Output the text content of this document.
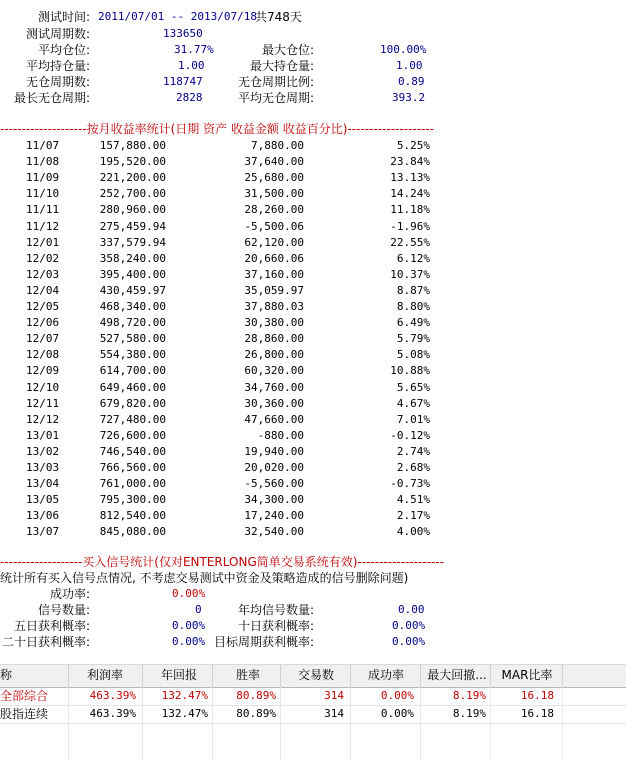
测试时间: 2011/07/01 -- 2013/07/18
共748天
测试周期数:	133650
平均仓位:	31.77%	最大仓位:	100.00%
平均持仓量:	1.00	最大持仓量:	1.00
无仓周期数:	118747	无仓周期比例:	0.89
最长无仓周期:	2828	平均无仓周期:	393.2
--------------------按月收益率统计(日期 资产 收益金额 收益百分比)--------------------
11/07	157,880.00	7,880.00	5.25%
11/08	195,520.00	37,640.00	23.84%
11/09	221,200.00	25,680.00	13.13%
11/10	252,700.00	31,500.00	14.24%
11/11	280,960.00	28,260.00	11.18%
11/12	275,459.94	-5,500.06	-1.96%
12/01	337,579.94	62,120.00	22.55%
12/02	358,240.00	20,660.06	6.12%
12/03	395,400.00	37,160.00	10.37%
12/04	430,459.97	35,059.97	8.87%
12/05	468,340.00	37,880.03	8.80%
12/06	498,720.00	30,380.00	6.49%
12/07	527,580.00	28,860.00	5.79%
12/08	554,380.00	26,800.00	5.08%
12/09	614,700.00	60,320.00	10.88%
12/10	649,460.00	34,760.00	5.65%
12/11	679,820.00	30,360.00	4.67%
12/12	727,480.00	47,660.00	7.01%
13/01	726,600.00	-880.00	-0.12%
13/02	746,540.00	19,940.00	2.74%
13/03	766,560.00	20,020.00	2.68%
13/04	761,000.00	-5,560.00	-0.73%
13/05	795,300.00	34,300.00	4.51%
13/06	812,540.00	17,240.00	2.17%
13/07	845,080.00	32,540.00	4.00%
-------------------买入信号统计(仅对ENTERLONG简单交易系统有效)--------------------
统计所有买入信号点情况, 不考虑交易测试中资金及策略造成的信号删除问题)
成功率:	0.00%
信号数量:	0	年均信号数量:	0.00
五日获利概率:	0.00%	十日获利概率:	0.00%
二十日获利概率:	0.00% 目标周期获利概率:	0.00%
称	利润率	年回报	胜率	交易数	成功率	最大回撤...	MAR比率
全部综合	463.39%	132.47%	80.89%	314	0.00%	8.19%	16.18
股指连续	463.39%	132.47%	80.89%	314	0.00%	8.19%	16.18
